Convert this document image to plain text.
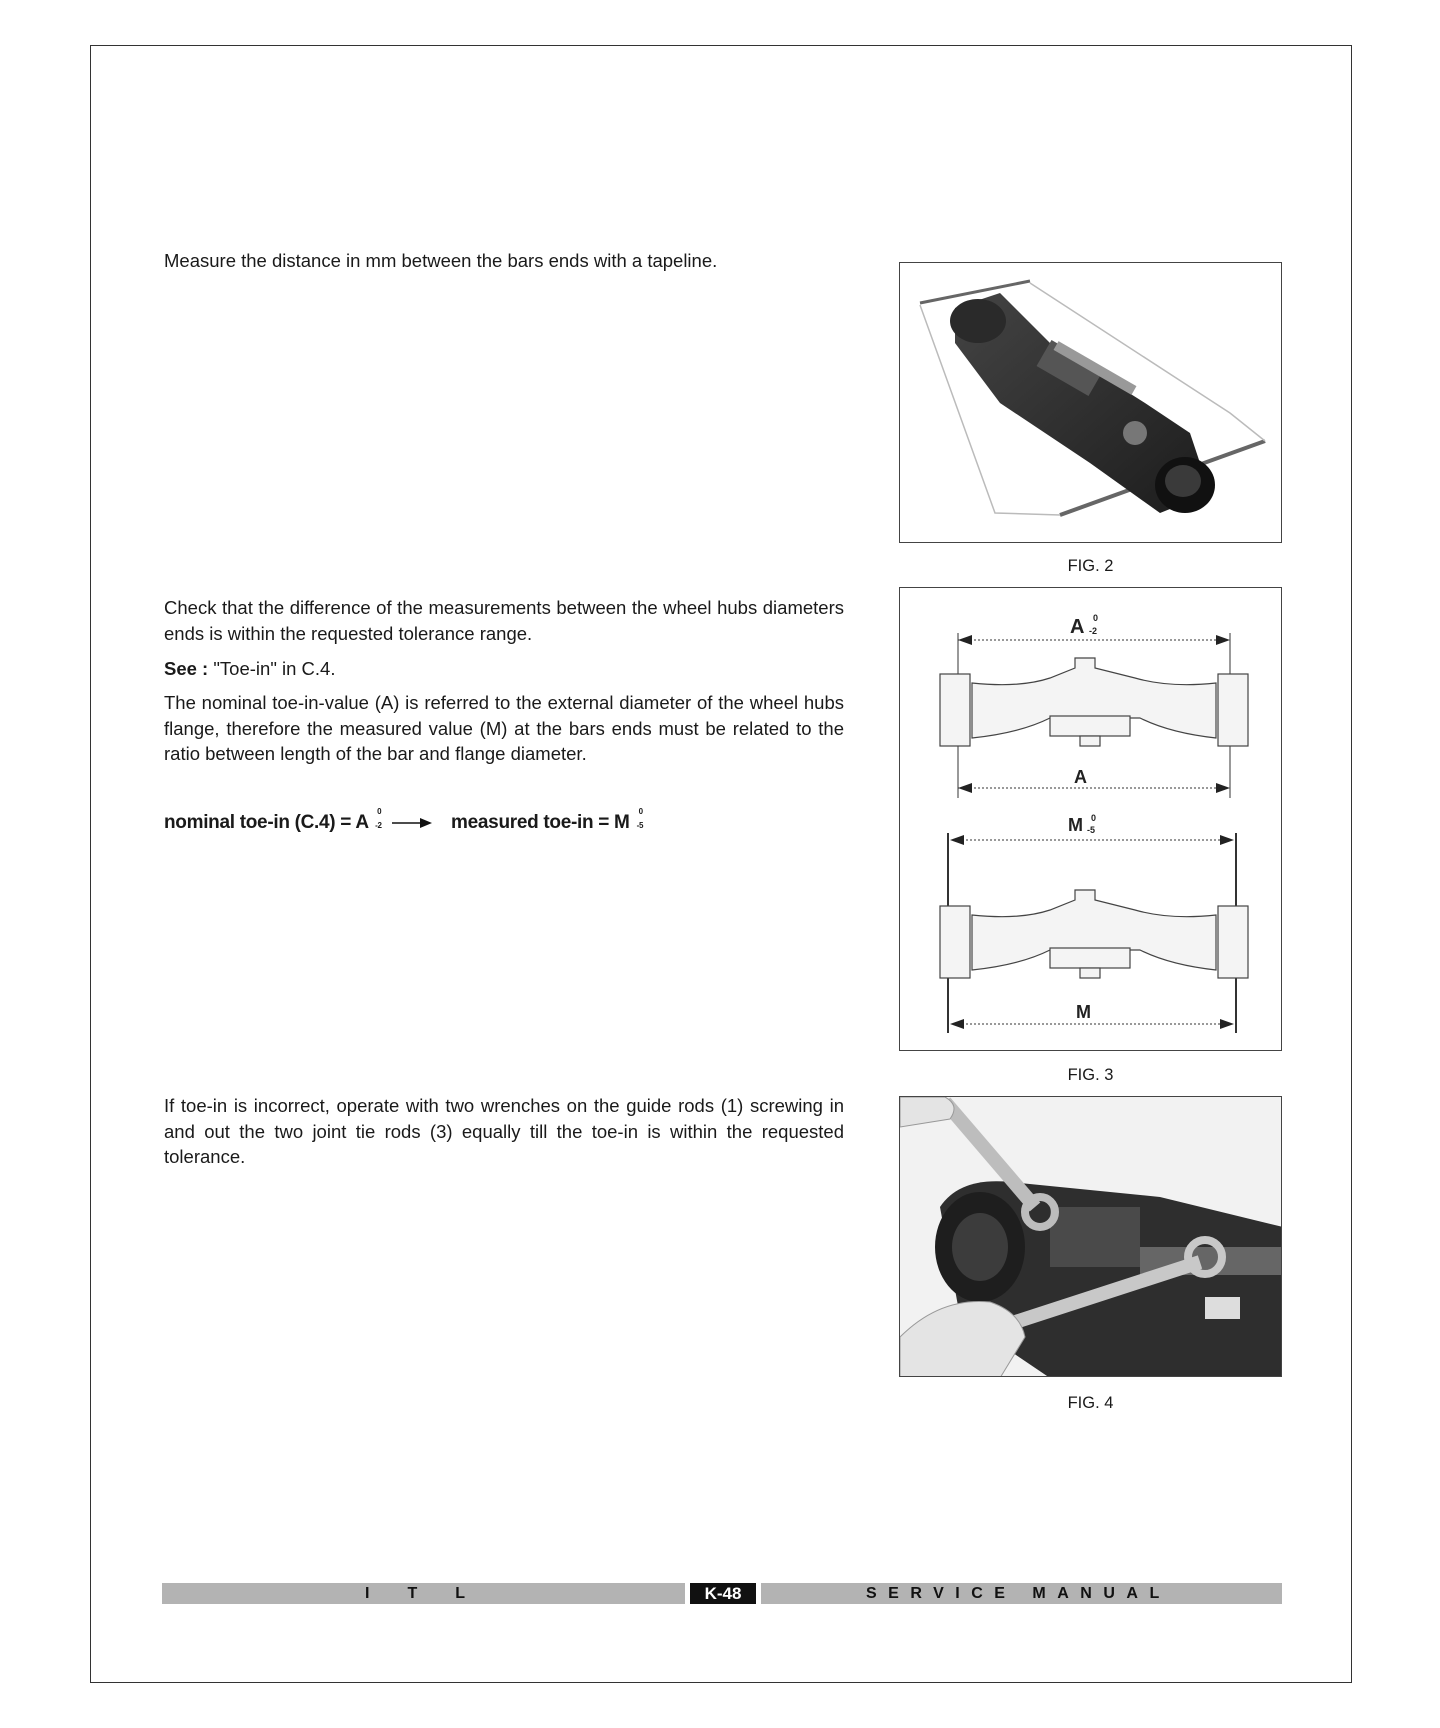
Measure the distance in mm between the bars ends with a tapeline.

FIG. 2

Check that the difference of the measurements between the wheel hubs diameters ends is within the requested tolerance range.

See : "Toe-in" in C.4.

The nominal toe-in-value (A) is referred to the external diameter of the wheel hubs flange, therefore the measured value (M) at the bars ends must be related to the ratio between length of the bar and flange diameter.

nominal toe-in (C.4) = A
0
-2	measured toe-in = M
0
-5
A 0
-2
A
M 0
-5
M
FIG. 3

If toe-in is incorrect, operate with two wrenches on the guide rods (1) screwing in and out the two joint tie rods (3) equally till the toe-in is within the requested tolerance.

FIG. 4
ITL	K-48	SERVICE MANUAL
